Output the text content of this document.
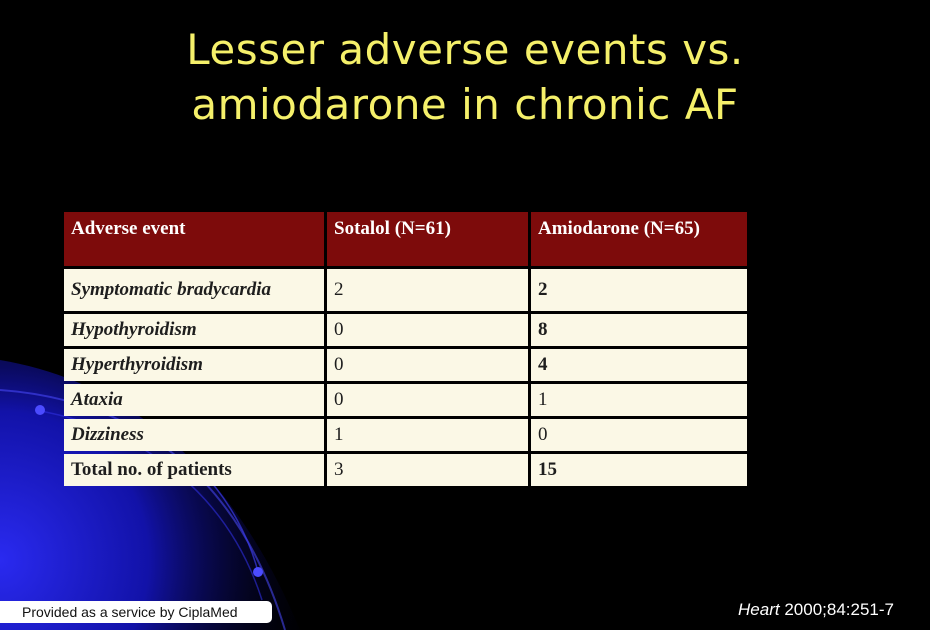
Lesser adverse events vs.
amiodarone in chronic AF
Adverse event	Sotalol (N=61)	Amiodarone (N=65)
Symptomatic bradycardia	2	2
Hypothyroidism	0	8
Hyperthyroidism	0	4
Ataxia	0	1
Dizziness	1	0
Total no. of patients	3	15
Provided as a service by CiplaMed	Heart 2000;84:251-7
